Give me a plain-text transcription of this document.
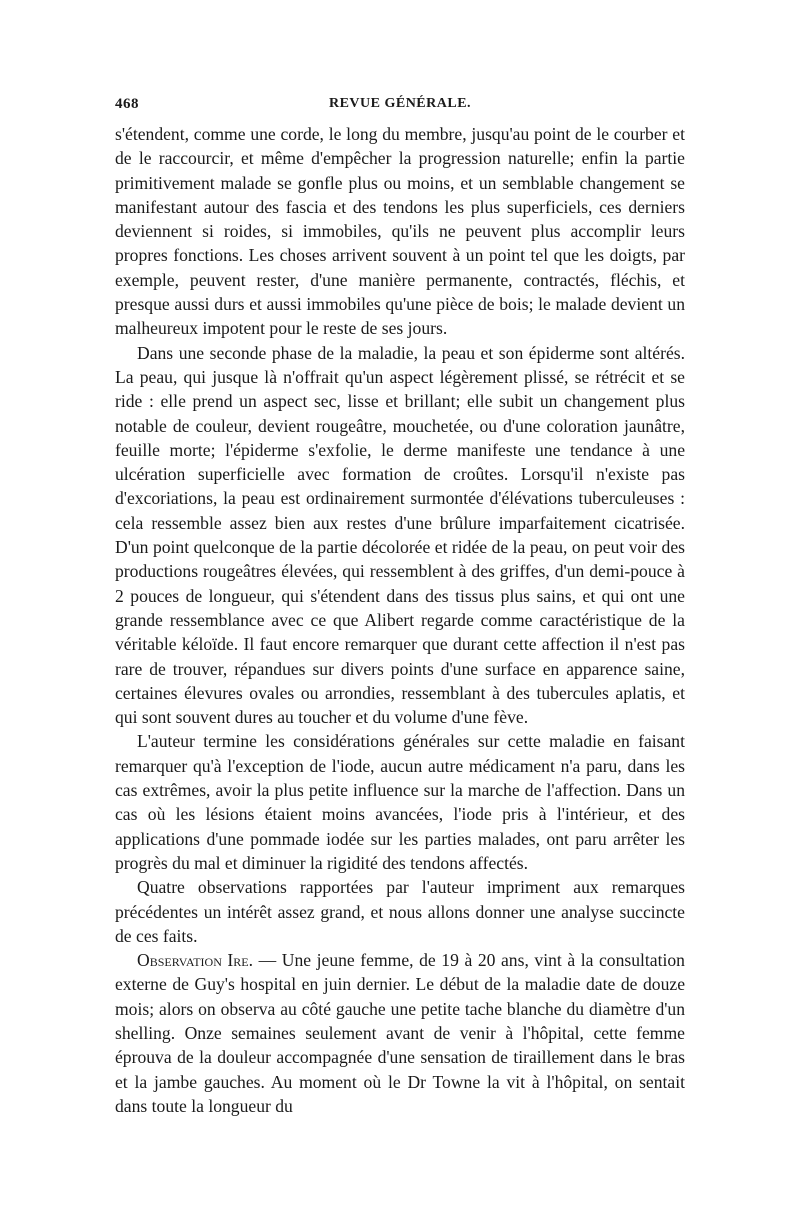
468	REVUE GÉNÉRALE.

s'étendent, comme une corde, le long du membre, jusqu'au point de le courber et de le raccourcir, et même d'empêcher la progression naturelle; enfin la partie primitivement malade se gonfle plus ou moins, et un semblable changement se manifestant autour des fascia et des tendons les plus superficiels, ces derniers deviennent si roides, si immobiles, qu'ils ne peuvent plus accomplir leurs propres fonctions. Les choses arrivent souvent à un point tel que les doigts, par exemple, peuvent rester, d'une manière permanente, contractés, fléchis, et presque aussi durs et aussi immobiles qu'une pièce de bois; le malade devient un malheureux impotent pour le reste de ses jours.

Dans une seconde phase de la maladie, la peau et son épiderme sont altérés. La peau, qui jusque là n'offrait qu'un aspect légèrement plissé, se rétrécit et se ride : elle prend un aspect sec, lisse et brillant; elle subit un changement plus notable de couleur, devient rougeâtre, mouchetée, ou d'une coloration jaunâtre, feuille morte; l'épiderme s'exfolie, le derme manifeste une tendance à une ulcération superficielle avec formation de croûtes. Lorsqu'il n'existe pas d'excoriations, la peau est ordinairement surmontée d'élévations tuberculeuses : cela ressemble assez bien aux restes d'une brûlure imparfaitement cicatrisée. D'un point quelconque de la partie décolorée et ridée de la peau, on peut voir des productions rougeâtres élevées, qui ressemblent à des griffes, d'un demi-pouce à 2 pouces de longueur, qui s'étendent dans des tissus plus sains, et qui ont une grande ressemblance avec ce que Alibert regarde comme caractéristique de la véritable kéloïde. Il faut encore remarquer que durant cette affection il n'est pas rare de trouver, répandues sur divers points d'une surface en apparence saine, certaines élevures ovales ou arrondies, ressemblant à des tubercules aplatis, et qui sont souvent dures au toucher et du volume d'une fève.

L'auteur termine les considérations générales sur cette maladie en faisant remarquer qu'à l'exception de l'iode, aucun autre médicament n'a paru, dans les cas extrêmes, avoir la plus petite influence sur la marche de l'affection. Dans un cas où les lésions étaient moins avancées, l'iode pris à l'intérieur, et des applications d'une pommade iodée sur les parties malades, ont paru arrêter les progrès du mal et diminuer la rigidité des tendons affectés.

Quatre observations rapportées par l'auteur impriment aux remarques précédentes un intérêt assez grand, et nous allons donner une analyse succincte de ces faits.

Observation Ire. — Une jeune femme, de 19 à 20 ans, vint à la consultation externe de Guy's hospital en juin dernier. Le début de la maladie date de douze mois; alors on observa au côté gauche une petite tache blanche du diamètre d'un shelling. Onze semaines seulement avant de venir à l'hôpital, cette femme éprouva de la douleur accompagnée d'une sensation de tiraillement dans le bras et la jambe gauches. Au moment où le Dr Towne la vit à l'hôpital, on sentait dans toute la longueur du
